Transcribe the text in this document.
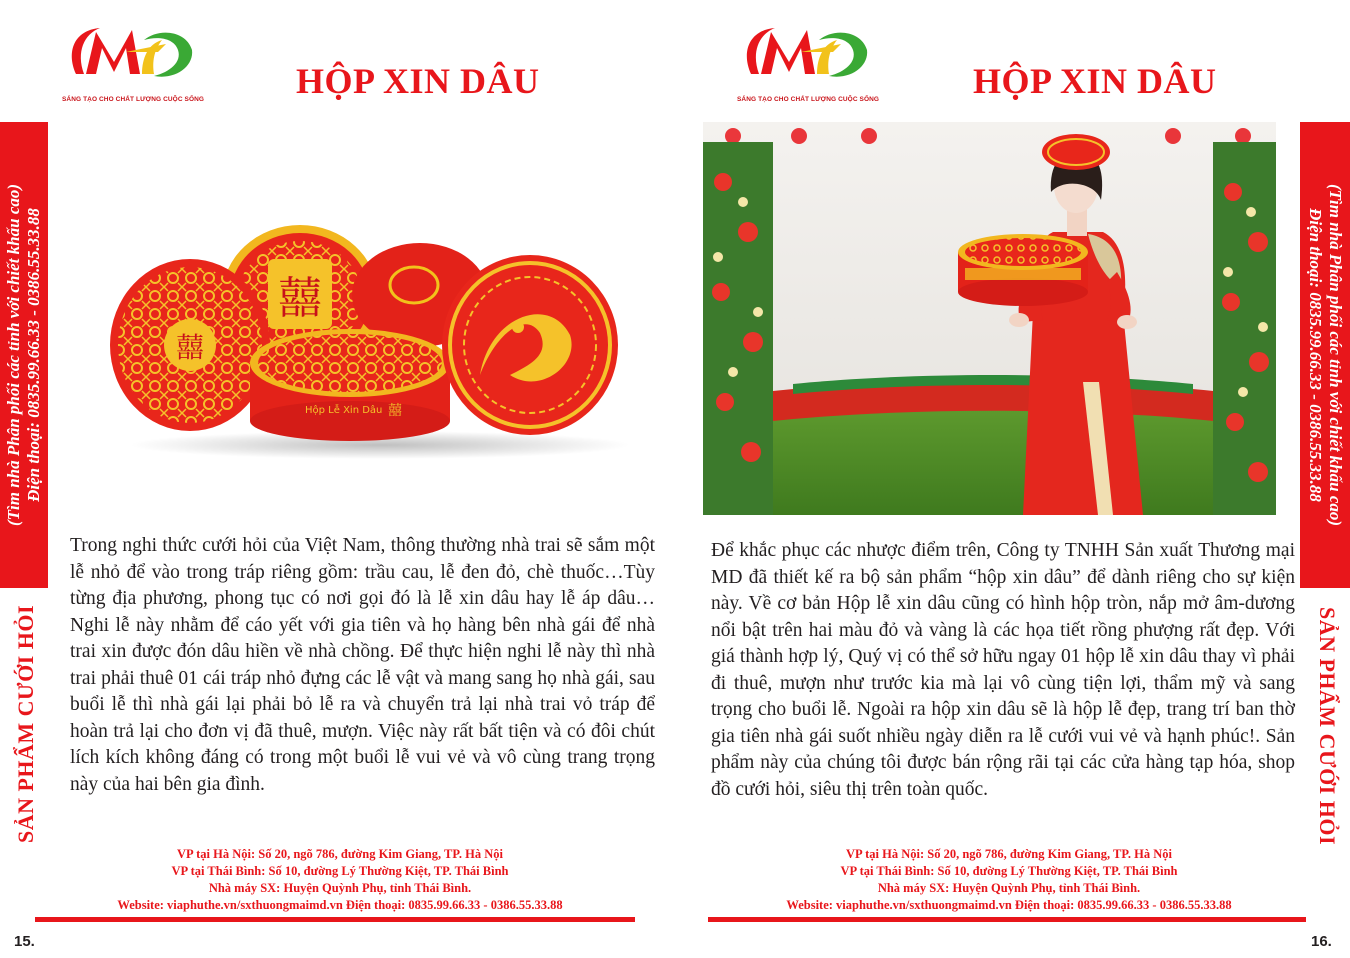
SÁNG TẠO CHO CHẤT LƯỢNG CUỘC SỐNG	HỘP XIN DÂU
(Tìm nhà Phân phối các tỉnh với chiết khấu cao) Điện thoại: 0835.99.66.33 - 0386.55.33.88
SẢN PHẨM CƯỚI HỎI
囍
囍
Hộp Lễ Xin Dâu 囍
Trong nghi thức cưới hỏi của Việt Nam, thông thường nhà trai sẽ sắm một lễ nhỏ để vào trong tráp riêng gồm: trầu cau, lễ đen đỏ, chè thuốc…Tùy từng địa phương, phong tục có nơi gọi đó là lễ xin dâu hay lễ áp dâu… Nghi lễ này nhằm để cáo yết với gia tiên và họ hàng bên nhà gái để nhà trai xin được đón dâu hiền về nhà chồng. Để thực hiện nghi lễ này thì nhà trai phải thuê 01 cái tráp nhỏ đựng các lễ vật và mang sang họ nhà gái, sau buổi lễ thì nhà gái lại phải bỏ lễ ra và chuyển trả lại nhà trai vỏ tráp để hoàn trả lại cho đơn vị đã thuê, mượn. Việc này rất bất tiện và có đôi chút lích kích không đáng có trong một buổi lễ vui vẻ và vô cùng trang trọng này của hai bên gia đình.
VP tại Hà Nội: Số 20, ngõ 786, đường Kim Giang, TP. Hà Nội
VP tại Thái Bình: Số 10, đường Lý Thường Kiệt, TP. Thái Bình
Nhà máy SX: Huyện Quỳnh Phụ, tỉnh Thái Bình.
Website: viaphuthe.vn/sxthuongmaimd.vn Điện thoại: 0835.99.66.33 - 0386.55.33.88
15.
SÁNG TẠO CHO CHẤT LƯỢNG CUỘC SỐNG	HỘP XIN DÂU
(Tìm nhà Phân phối các tỉnh với chiết khấu cao)
Điện thoại: 0835.99.66.33 - 0386.55.33.88
SẢN PHẨM CƯỚI HỎI
Để khắc phục các nhược điểm trên, Công ty TNHH Sản xuất Thương mại MD đã thiết kế ra bộ sản phẩm “hộp xin dâu” để dành riêng cho sự kiện này. Về cơ bản Hộp lễ xin dâu cũng có hình hộp tròn, nắp mở âm-dương nổi bật trên hai màu đỏ và vàng là các họa tiết rồng phượng rất đẹp. Với giá thành hợp lý, Quý vị có thể sở hữu ngay 01 hộp lễ xin dâu thay vì phải đi thuê, mượn như trước kia mà lại vô cùng tiện lợi, thẩm mỹ và sang trọng cho buổi lễ. Ngoài ra hộp xin dâu sẽ là hộp lễ đẹp, trang trí ban thờ gia tiên nhà gái suốt nhiều ngày diễn ra lễ cưới vui vẻ và hạnh phúc!. Sản phẩm này của chúng tôi được bán rộng rãi tại các cửa hàng tạp hóa, shop đồ cưới hỏi, siêu thị trên toàn quốc.
VP tại Hà Nội: Số 20, ngõ 786, đường Kim Giang, TP. Hà Nội
VP tại Thái Bình: Số 10, đường Lý Thường Kiệt, TP. Thái Bình
Nhà máy SX: Huyện Quỳnh Phụ, tỉnh Thái Bình.
Website: viaphuthe.vn/sxthuongmaimd.vn Điện thoại: 0835.99.66.33 - 0386.55.33.88
16.
